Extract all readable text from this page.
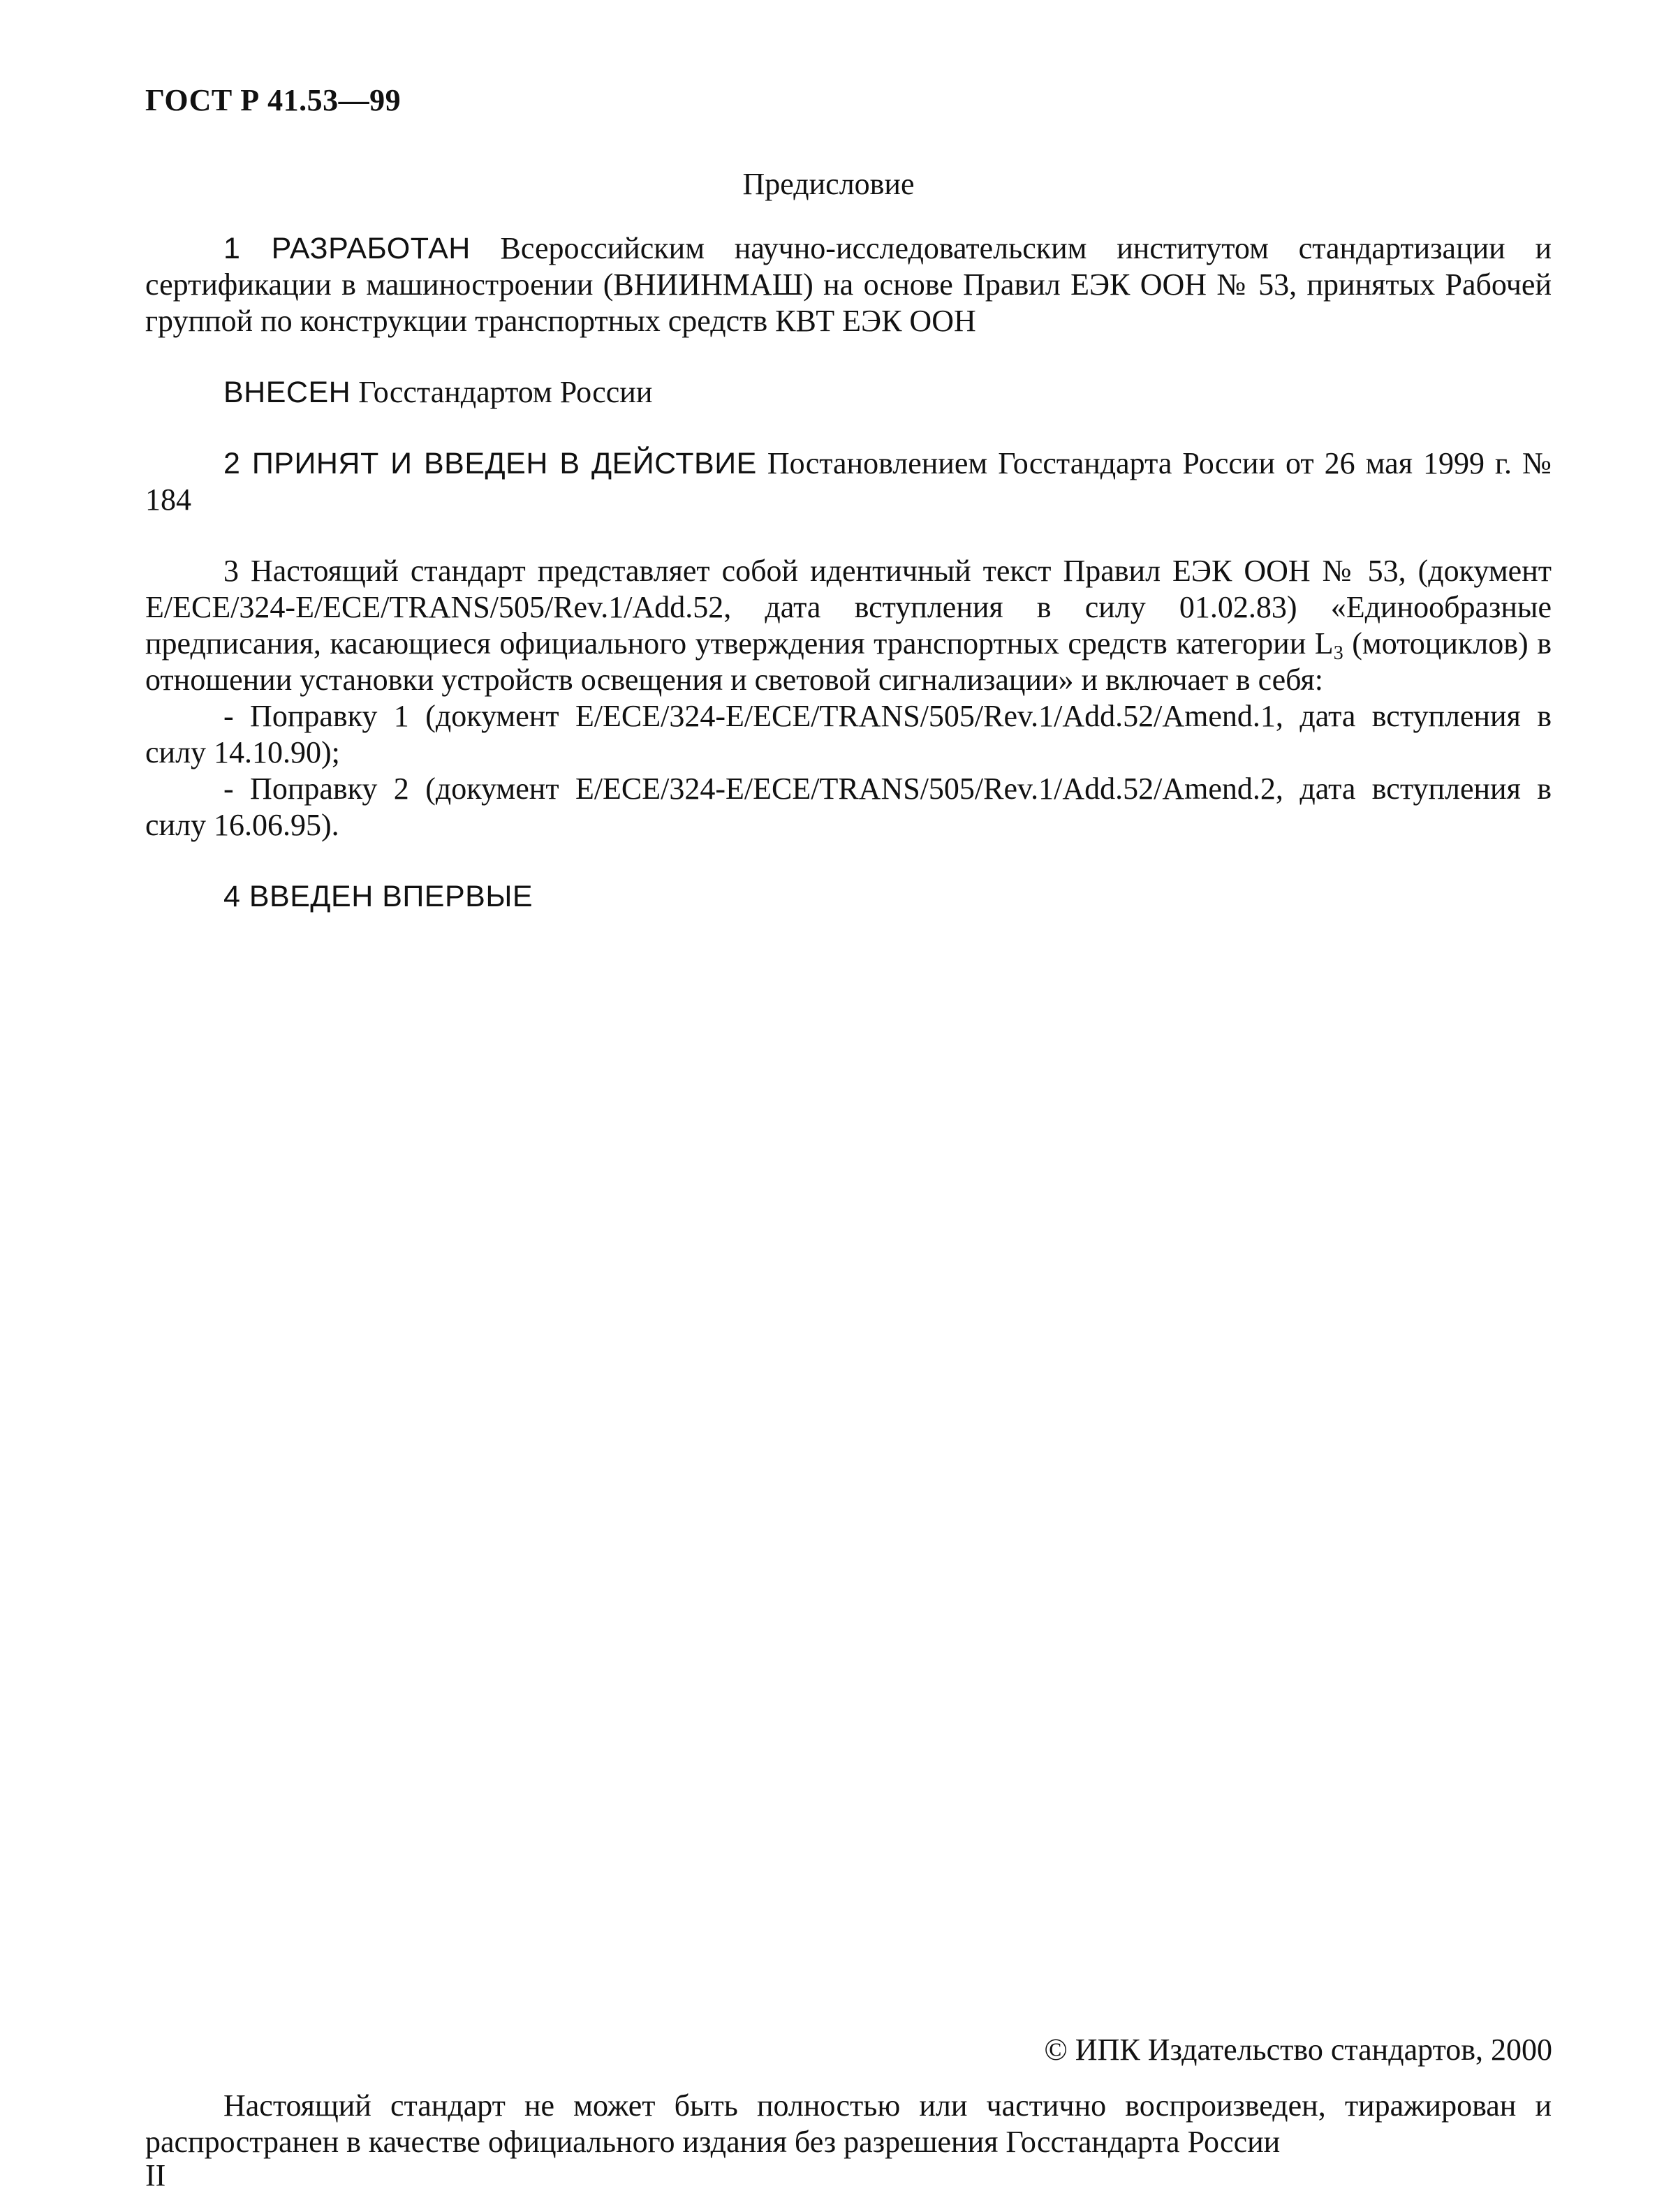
ГОСТ Р 41.53—99
Предисловие

1 РАЗРАБОТАН Всероссийским научно-исследовательским институтом стандартизации и сертификации в машиностроении (ВНИИНМАШ) на основе Правил ЕЭК ООН № 53, принятых Рабочей группой по конструкции транспортных средств КВТ ЕЭК ООН

ВНЕСЕН Госстандартом России

2 ПРИНЯТ И ВВЕДЕН В ДЕЙСТВИЕ Постановлением Госстандарта России от 26 мая 1999 г. № 184

3 Настоящий стандарт представляет собой идентичный текст Правил ЕЭК ООН № 53, (документ E/ECE/324-E/ECE/TRANS/505/Rev.1/Add.52, дата вступления в силу 01.02.83) «Единообразные предписания, касающиеся официального утверждения транспортных средств категории $L_3$ (мотоциклов) в отношении установки устройств освещения и световой сигнализации» и включает в себя:

- Поправку 1 (документ E/ECE/324-E/ECE/TRANS/505/Rev.1/Add.52/Amend.1, дата вступления в силу 14.10.90);

- Поправку 2 (документ E/ECE/324-E/ECE/TRANS/505/Rev.1/Add.52/Amend.2, дата вступления в силу 16.06.95).

4 ВВЕДЕН ВПЕРВЫЕ

© ИПК Издательство стандартов, 2000
Настоящий стандарт не может быть полностью или частично воспроизведен, тиражирован и распространен в качестве официального издания без разрешения Госстандарта России
II
